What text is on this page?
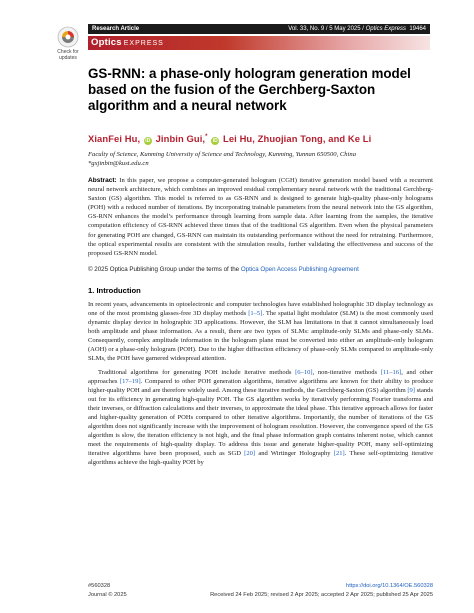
Check for
updates
Research Article	Vol. 33, No. 9 / 5 May 2025 / Optics Express 19464
Optics EXPRESS
GS-RNN: a phase-only hologram generation model based on the fusion of the Gerchberg-Saxton algorithm and a neural network
XianFei Hu, iD Jinbin Gui,* iD Lei Hu, Zhuojian Tong, and Ke Li
Faculty of Science, Kunming University of Science and Technology, Kunming, Yunnan 650500, China
*gxjinbin@kust.edu.cn
Abstract: In this paper, we propose a computer-generated hologram (CGH) iterative generation model based with a recurrent neural network architecture, which combines an improved residual complementary neural network with the traditional Gerchberg-Saxton (GS) algorithm. This model is referred to as GS-RNN and is designed to generate high-quality phase-only holograms (POH) with a reduced number of iterations. By incorporating trainable parameters from the neural network into the GS algorithm, GS-RNN enhances the model’s performance through learning from sample data. After learning from the samples, the iterative computation efficiency of GS-RNN achieved three times that of the traditional GS algorithm. Even when the physical parameters for generating POH are changed, GS-RNN can maintain its outstanding performance without the need for retraining. Furthermore, the optical experimental results are consistent with the simulation results, further validating the effectiveness and success of the proposed GS-RNN model.
© 2025 Optica Publishing Group under the terms of the Optica Open Access Publishing Agreement
1. Introduction

In recent years, advancements in optoelectronic and computer technologies have established holographic 3D display technology as one of the most promising glasses-free 3D display methods [1–5]. The spatial light modulator (SLM) is the most commonly used dynamic display device in holographic 3D applications. However, the SLM has limitations in that it cannot simultaneously load both amplitude and phase information. As a result, there are two types of SLMs: amplitude-only SLMs and phase-only SLMs. Consequently, complex amplitude information in the hologram plane must be converted into either an amplitude-only hologram (AOH) or a phase-only hologram (POH). Due to the higher diffraction efficiency of phase-only SLMs compared to amplitude-only SLMs, the POH have garnered widespread attention.

Traditional algorithms for generating POH include iterative methods [6–10], non-iterative methods [11–16], and other approaches [17–19]. Compared to other POH generation algorithms, iterative algorithms are known for their ability to produce higher-quality POH and are therefore widely used. Among these iterative methods, the Gerchberg-Saxton (GS) algorithm [9] stands out for its efficiency in generating high-quality POH. The GS algorithm works by iteratively performing Fourier transforms and their inverses, or diffraction calculations and their inverses, to approximate the ideal phase. This iterative approach allows for faster and higher-quality generation of POHs compared to other iterative algorithms. Importantly, the number of iterations of the GS algorithm does not significantly increase with the improvement of hologram resolution. However, the convergence speed of the GS algorithm is slow, the iteration efficiency is not high, and the final phase information graph contains inherent noise, which cannot meet the requirements of high-quality display. To address this issue and generate higher-quality POH, many self-optimizing iterative algorithms have been proposed, such as SGD [20] and Wirtinger Holography [21]. These self-optimizing iterative algorithms achieve the high-quality POH by

#560328	https://doi.org/10.1364/OE.560328
Journal © 2025	Received 24 Feb 2025; revised 2 Apr 2025; accepted 2 Apr 2025; published 25 Apr 2025
